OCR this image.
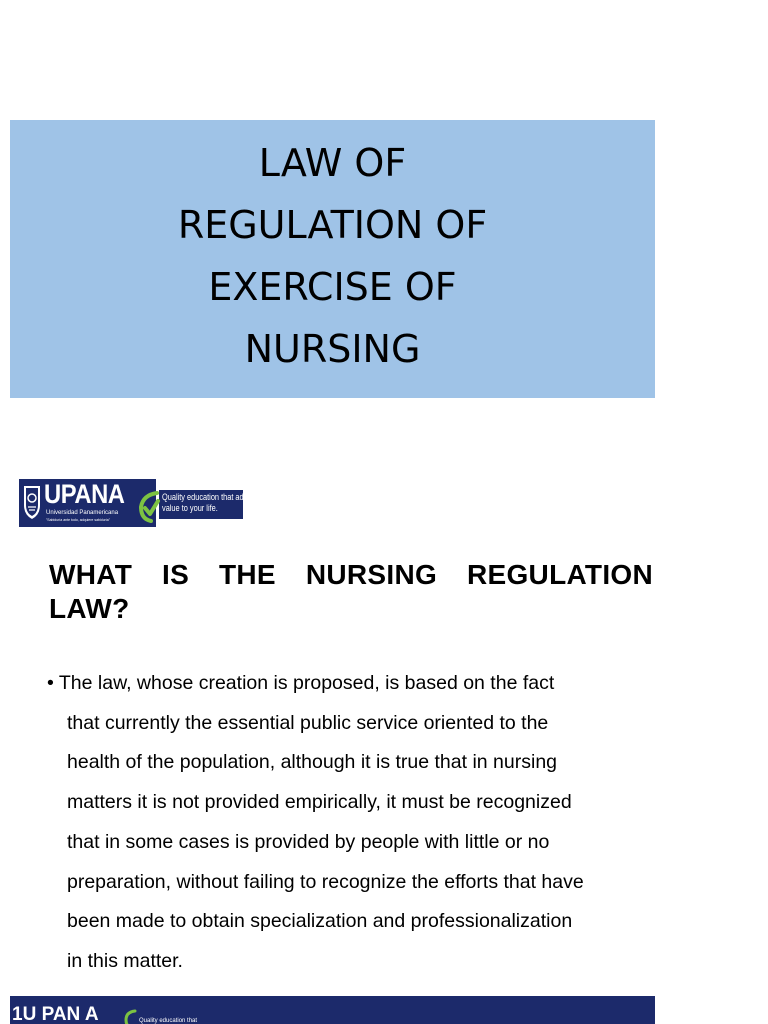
LAW OF
REGULATION OF
EXERCISE OF
NURSING
UPANA
Universidad Panamericana
"Sabiduría ante todo, adquiere sabiduría"
Quality education that adds
value to your life.
WHAT IS THE NURSING REGULATION LAW?
• The law, whose creation is proposed, is based on the fact
that currently the essential public service oriented to the
health of the population, although it is true that in nursing
matters it is not provided empirically, it must be recognized
that in some cases is provided by people with little or no
preparation, without failing to recognize the efforts that have
been made to obtain specialization and professionalization
in this matter.
1U PAN A	Quality education that
